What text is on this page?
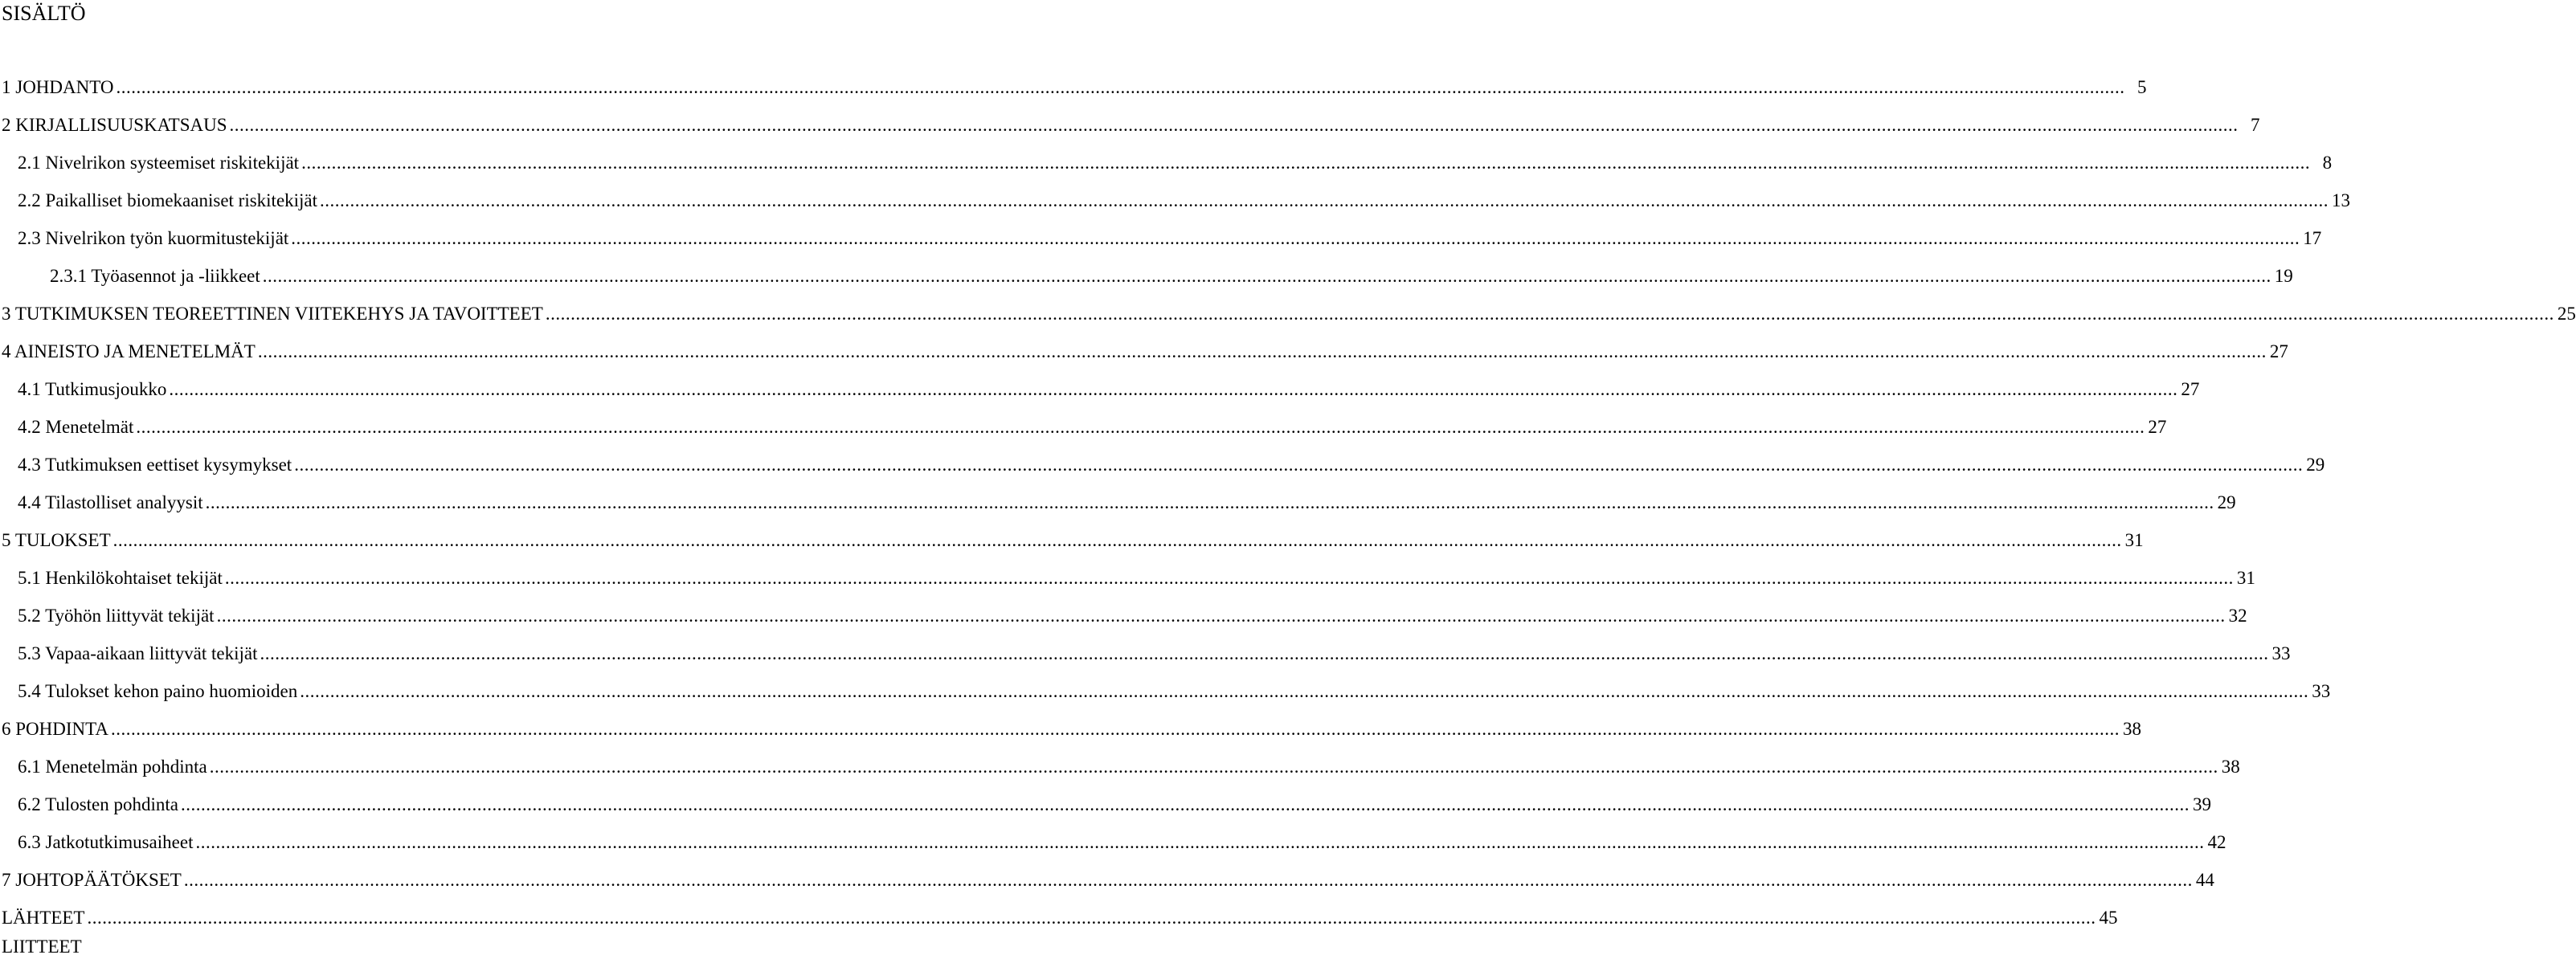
SISÄLTÖ
1 JOHDANTO ................................................................................................................................................................................................................................................................................................................................................................................................................ 5
2 KIRJALLISUUSKATSAUS ................................................................................................................................................................................................................................................................................................................................................................................................................ 7
2.1 Nivelrikon systeemiset riskitekijät ................................................................................................................................................................................................................................................................................................................................................................................................................ 8
2.2 Paikalliset biomekaaniset riskitekijät ................................................................................................................................................................................................................................................................................................................................................................................................................ 13
2.3 Nivelrikon työn kuormitustekijät ................................................................................................................................................................................................................................................................................................................................................................................................................ 17
2.3.1 Työasennot ja -liikkeet ................................................................................................................................................................................................................................................................................................................................................................................................................ 19
3 TUTKIMUKSEN TEOREETTINEN VIITEKEHYS JA TAVOITTEET ................................................................................................................................................................................................................................................................................................................................................................................................................ 25
4 AINEISTO JA MENETELMÄT ................................................................................................................................................................................................................................................................................................................................................................................................................ 27
4.1 Tutkimusjoukko ................................................................................................................................................................................................................................................................................................................................................................................................................ 27
4.2 Menetelmät ................................................................................................................................................................................................................................................................................................................................................................................................................ 27
4.3 Tutkimuksen eettiset kysymykset ................................................................................................................................................................................................................................................................................................................................................................................................................ 29
4.4 Tilastolliset analyysit ................................................................................................................................................................................................................................................................................................................................................................................................................ 29
5 TULOKSET ................................................................................................................................................................................................................................................................................................................................................................................................................ 31
5.1 Henkilökohtaiset tekijät ................................................................................................................................................................................................................................................................................................................................................................................................................ 31
5.2 Työhön liittyvät tekijät ................................................................................................................................................................................................................................................................................................................................................................................................................ 32
5.3 Vapaa-aikaan liittyvät tekijät ................................................................................................................................................................................................................................................................................................................................................................................................................ 33
5.4 Tulokset kehon paino huomioiden ................................................................................................................................................................................................................................................................................................................................................................................................................ 33
6 POHDINTA ................................................................................................................................................................................................................................................................................................................................................................................................................ 38
6.1 Menetelmän pohdinta ................................................................................................................................................................................................................................................................................................................................................................................................................ 38
6.2 Tulosten pohdinta ................................................................................................................................................................................................................................................................................................................................................................................................................ 39
6.3 Jatkotutkimusaiheet ................................................................................................................................................................................................................................................................................................................................................................................................................ 42
7 JOHTOPÄÄTÖKSET ................................................................................................................................................................................................................................................................................................................................................................................................................ 44
LÄHTEET ................................................................................................................................................................................................................................................................................................................................................................................................................ 45
LIITTEET
